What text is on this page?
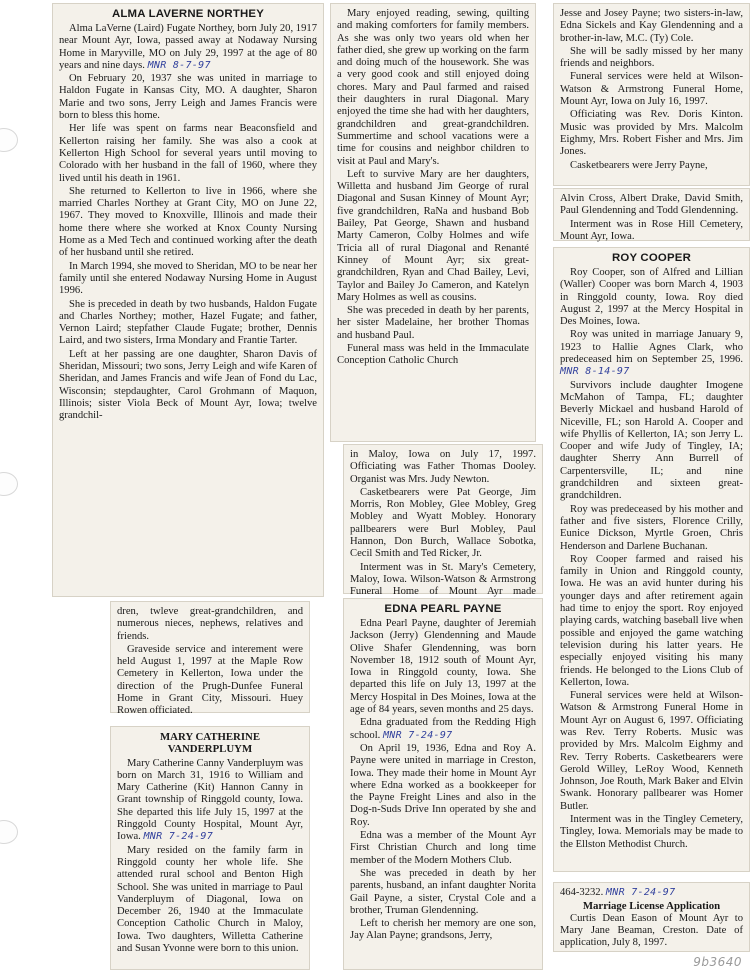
ALMA LAVERNE NORTHEY

Alma LaVerne (Laird) Fugate Northey, born July 20, 1917 near Mount Ayr, Iowa, passed away at Nodaway Nursing Home in Maryville, MO on July 29, 1997 at the age of 80 years and nine days. MNR 8-7-97

On February 20, 1937 she was united in marriage to Haldon Fugate in Kansas City, MO. A daughter, Sharon Marie and two sons, Jerry Leigh and James Francis were born to bless this home.

Her life was spent on farms near Beaconsfield and Kellerton raising her family. She was also a cook at Kellerton High School for several years until moving to Colorado with her husband in the fall of 1960, where they lived until his death in 1961.

She returned to Kellerton to live in 1966, where she married Charles Northey at Grant City, MO on June 22, 1967. They moved to Knoxville, Illinois and made their home there where she worked at Knox County Nursing Home as a Med Tech and continued working after the death of her husband until she retired.

In March 1994, she moved to Sheridan, MO to be near her family until she entered Nodaway Nursing Home in August 1996.

She is preceded in death by two husbands, Haldon Fugate and Charles Northey; mother, Hazel Fugate; and father, Vernon Laird; stepfather Claude Fugate; brother, Dennis Laird, and two sisters, Irma Mondary and Frantie Tarter.

Left at her passing are one daughter, Sharon Davis of Sheridan, Missouri; two sons, Jerry Leigh and wife Karen of Sheridan, and James Francis and wife Jean of Fond du Lac, Wisconsin; stepdaughter, Carol Grohmann of Maquon, Illinois; sister Viola Beck of Mount Ayr, Iowa; twelve grandchil-

dren, twleve great-grandchildren, and numerous nieces, nephews, relatives and friends.

Graveside service and interement were held August 1, 1997 at the Maple Row Cemetery in Kellerton, Iowa under the direction of the Prugh-Dunfee Funeral Home in Grant City, Missouri. Huey Rowen officiated.

MARY CATHERINE
VANDERPLUYM

Mary Catherine Canny Vanderpluym was born on March 31, 1916 to William and Mary Catherine (Kit) Hannon Canny in Grant township of Ringgold county, Iowa. She departed this life July 15, 1997 at the Ringgold County Hospital, Mount Ayr, Iowa. MNR 7-24-97

Mary resided on the family farm in Ringgold county her whole life. She attended rural school and Benton High School. She was united in marriage to Paul Vanderpluym of Diagonal, Iowa on December 26, 1940 at the Immaculate Conception Catholic Church in Maloy, Iowa. Two daughters, Willetta Catherine and Susan Yvonne were born to this union.

Mary enjoyed reading, sewing, quilting and making comforters for family members. As she was only two years old when her father died, she grew up working on the farm and doing much of the housework. She was a very good cook and still enjoyed doing chores. Mary and Paul farmed and raised their daughters in rural Diagonal. Mary enjoyed the time she had with her daughters, grandchildren and great-grandchildren. Summertime and school vacations were a time for cousins and neighbor children to visit at Paul and Mary's.

Left to survive Mary are her daughters, Willetta and husband Jim George of rural Diagonal and Susan Kinney of Mount Ayr; five grandchildren, RaNa and husband Bob Bailey, Pat George, Shawn and husband Marty Cameron, Colby Holmes and wife Tricia all of rural Diagonal and Renanté Kinney of Mount Ayr; six great-grandchildren, Ryan and Chad Bailey, Levi, Taylor and Bailey Jo Cameron, and Katelyn Mary Holmes as well as cousins.

She was preceded in death by her parents, her sister Madelaine, her brother Thomas and husband Paul.

Funeral mass was held in the Immaculate Conception Catholic Church

in Maloy, Iowa on July 17, 1997. Officiating was Father Thomas Dooley. Organist was Mrs. Judy Newton.

Casketbearers were Pat George, Jim Morris, Ron Mobley, Glee Mobley, Greg Mobley and Wyatt Mobley. Honorary pallbearers were Burl Mobley, Paul Hannon, Don Burch, Wallace Sobotka, Cecil Smith and Ted Ricker, Jr.

Interment was in St. Mary's Cemetery, Maloy, Iowa. Wilson-Watson & Armstrong Funeral Home of Mount Ayr made

EDNA PEARL PAYNE

Edna Pearl Payne, daughter of Jeremiah Jackson (Jerry) Glendenning and Maude Olive Shafer Glendenning, was born November 18, 1912 south of Mount Ayr, Iowa in Ringgold county, Iowa. She departed this life on July 13, 1997 at the Mercy Hospital in Des Moines, Iowa at the age of 84 years, seven months and 25 days.

Edna graduated from the Redding High school. MNR 7-24-97

On April 19, 1936, Edna and Roy A. Payne were united in marriage in Creston, Iowa. They made their home in Mount Ayr where Edna worked as a bookkeeper for the Payne Freight Lines and also in the Dog-n-Suds Drive Inn operated by she and Roy.

Edna was a member of the Mount Ayr First Christian Church and long time member of the Modern Mothers Club.

She was preceded in death by her parents, husband, an infant daughter Norita Gail Payne, a sister, Crystal Cole and a brother, Truman Glendenning.

Left to cherish her memory are one son, Jay Alan Payne; grandsons, Jerry,

Jesse and Josey Payne; two sisters-in-law, Edna Sickels and Kay Glendenning and a brother-in-law, M.C. (Ty) Cole.

She will be sadly missed by her many friends and neighbors.

Funeral services were held at Wilson-Watson & Armstrong Funeral Home, Mount Ayr, Iowa on July 16, 1997.

Officiating was Rev. Doris Kinton. Music was provided by Mrs. Malcolm Eighmy, Mrs. Robert Fisher and Mrs. Jim Jones.

Casketbearers were Jerry Payne,

Alvin Cross, Albert Drake, David Smith, Paul Glendenning and Todd Glendenning.

Interment was in Rose Hill Cemetery, Mount Ayr, Iowa.

ROY COOPER

Roy Cooper, son of Alfred and Lillian (Waller) Cooper was born March 4, 1903 in Ringgold county, Iowa. Roy died August 2, 1997 at the Mercy Hospital in Des Moines, Iowa.

Roy was united in marriage January 9, 1923 to Hallie Agnes Clark, who predeceased him on September 25, 1996. MNR 8-14-97

Survivors include daughter Imogene McMahon of Tampa, FL; daughter Beverly Mickael and husband Harold of Niceville, FL; son Harold A. Cooper and wife Phyllis of Kellerton, IA; son Jerry L. Cooper and wife Judy of Tingley, IA; daughter Sherry Ann Burrell of Carpentersville, IL; and nine grandchildren and sixteen great-grandchildren.

Roy was predeceased by his mother and father and five sisters, Florence Crilly, Eunice Dickson, Myrtle Groen, Chris Henderson and Darlene Buchanan.

Roy Cooper farmed and raised his family in Union and Ringgold county, Iowa. He was an avid hunter during his younger days and after retirement again had time to enjoy the sport. Roy enjoyed playing cards, watching baseball live when possible and enjoyed the game watching television during his latter years. He especially enjoyed visiting his many friends. He belonged to the Lions Club of Kellerton, Iowa.

Funeral services were held at Wilson-Watson & Armstrong Funeral Home in Mount Ayr on August 6, 1997. Officiating was Rev. Terry Roberts. Music was provided by Mrs. Malcolm Eighmy and Rev. Terry Roberts. Casketbearers were Gerold Willey, LeRoy Wood, Kenneth Johnson, Joe Routh, Mark Baker and Elvin Swank. Honorary pallbearer was Homer Butler.

Interment was in the Tingley Cemetery, Tingley, Iowa. Memorials may be made to the Ellston Methodist Church.

464-3232. MNR 7-24-97

Marriage License Application

Curtis Dean Eason of Mount Ayr to Mary Jane Beaman, Creston. Date of application, July 8, 1997.

9b3640
